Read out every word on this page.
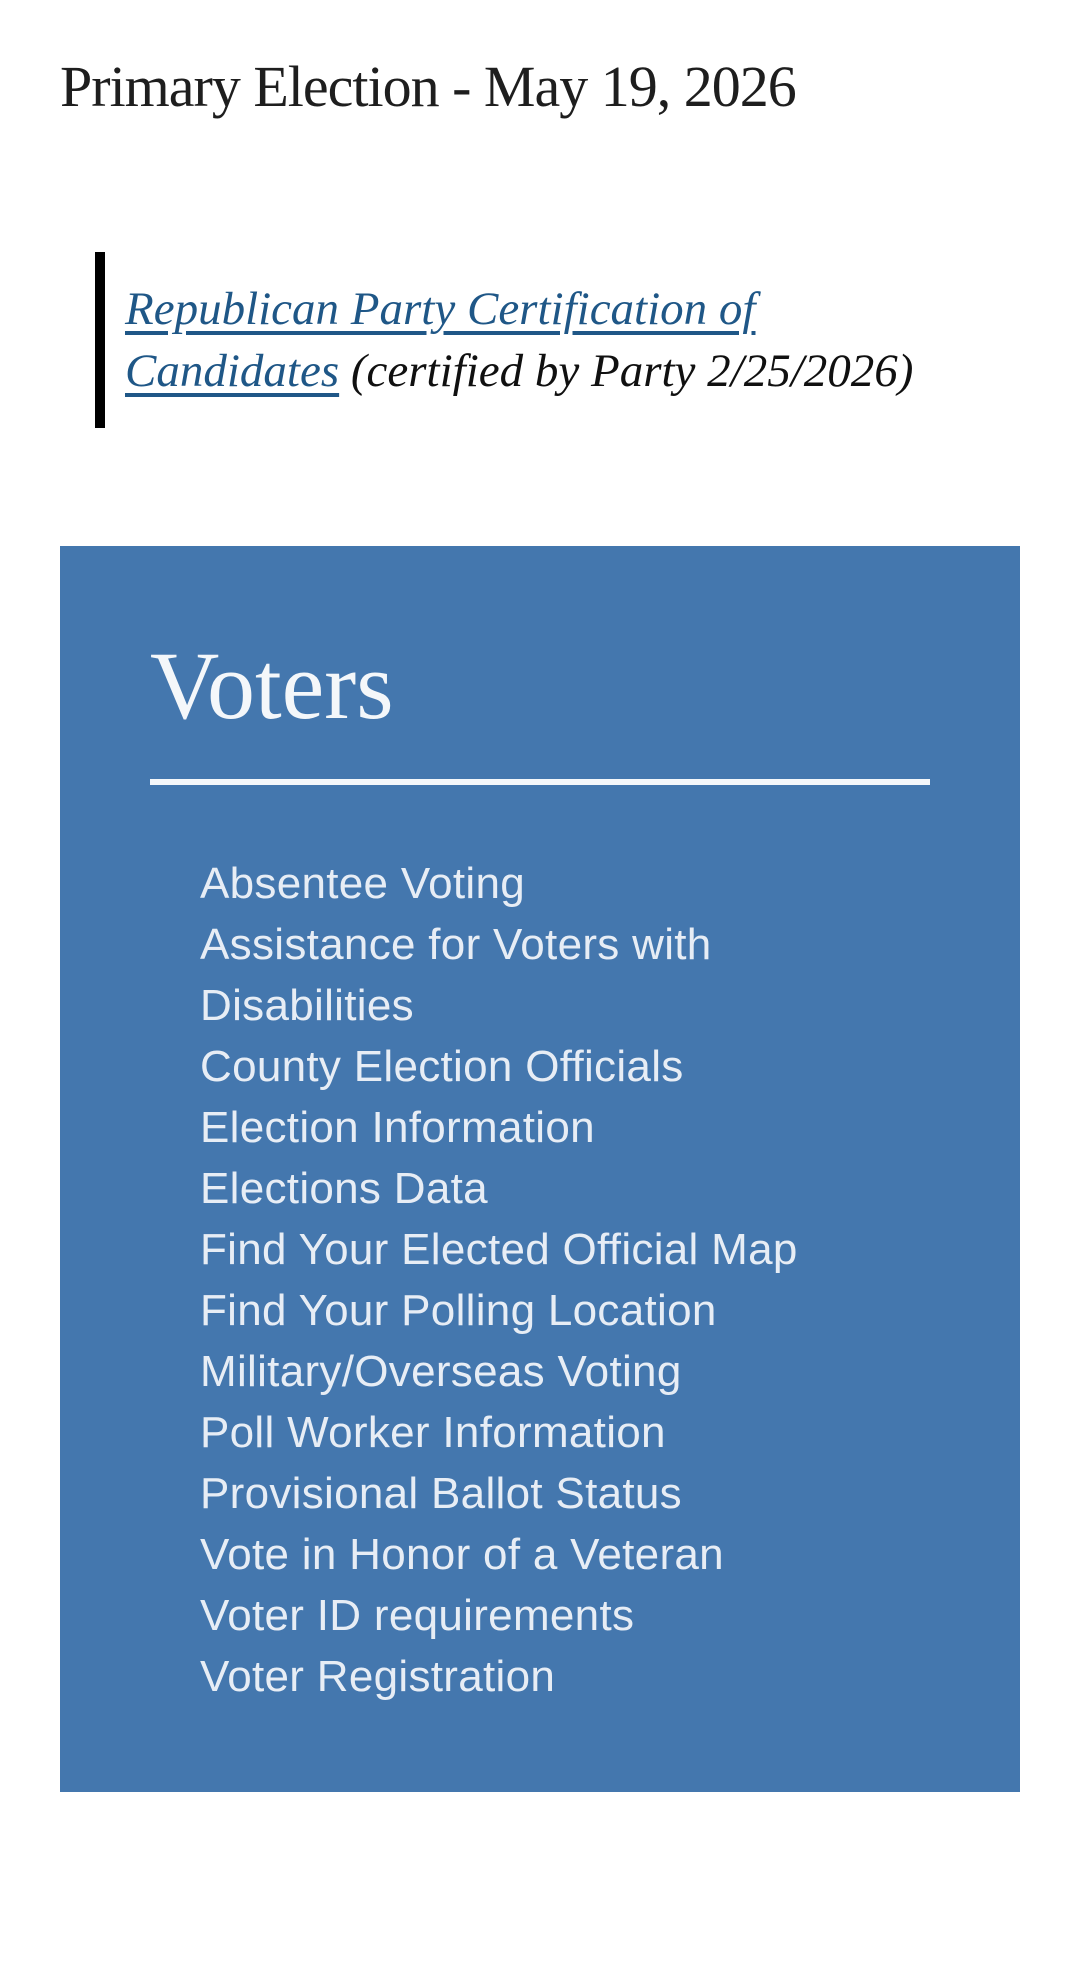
Primary Election - May 19, 2026

Republican Party Certification of Candidates (certified by Party 2/25/2026)

Voters
Absentee Voting
Assistance for Voters with Disabilities
County Election Officials
Election Information
Elections Data
Find Your Elected Official Map
Find Your Polling Location
Military/Overseas Voting
Poll Worker Information
Provisional Ballot Status
Vote in Honor of a Veteran
Voter ID requirements
Voter Registration
